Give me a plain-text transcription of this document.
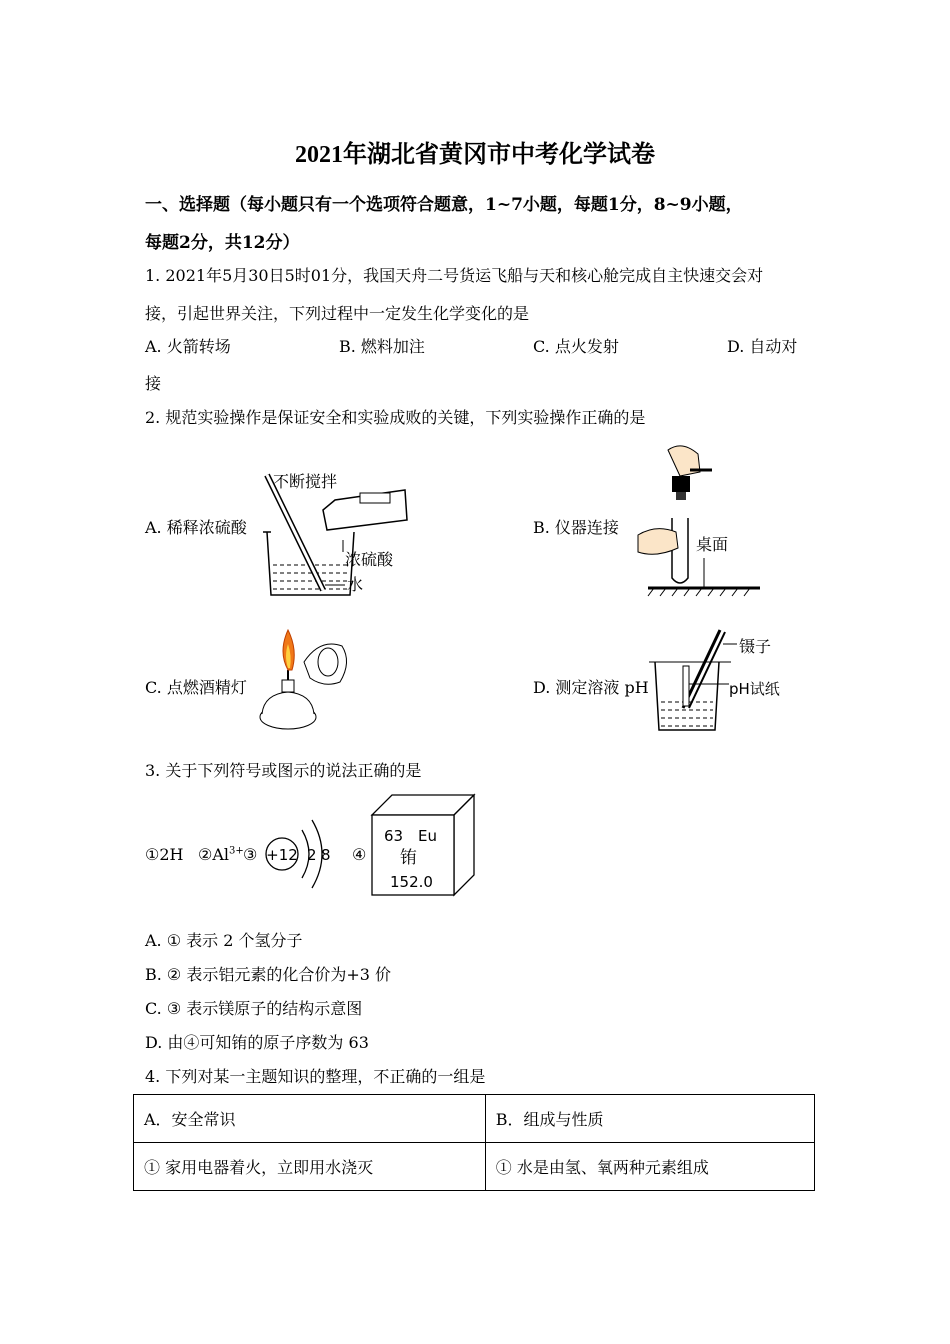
2021年湖北省黄冈市中考化学试卷
一、选择题（每小题只有一个选项符合题意，1~7小题，每题1分，8~9小题，
每题2分，共12分）
1. 2021年5月30日5时01分，我国天舟二号货运飞船与天和核心舱完成自主快速交会对
接，引起世界关注，下列过程中一定发生化学变化的是
A. 火箭转场	B. 燃料加注	C. 点火发射	D. 自动对
接
2. 规范实验操作是保证安全和实验成败的关键，下列实验操作正确的是
A. 稀释浓硫酸
不断搅拌
浓硫酸
水
B. 仪器连接
桌面
C. 点燃酒精灯	D. 测定溶液 pH
镊子
pH试纸
3. 关于下列符号或图示的说法正确的是
①2H $②Al^{3+}$ ③ +12 2 8 ④
63 Eu
铕
152.0
A. ① 表示 2 个氢分子
B. ② 表示铝元素的化合价为+3 价
C. ③ 表示镁原子的结构示意图
D. 由④可知铕的原子序数为 63
4. 下列对某一主题知识的整理，不正确的一组是
A．安全常识	B．组成与性质
① 家用电器着火，立即用水浇灭	① 水是由氢、氧两种元素组成
